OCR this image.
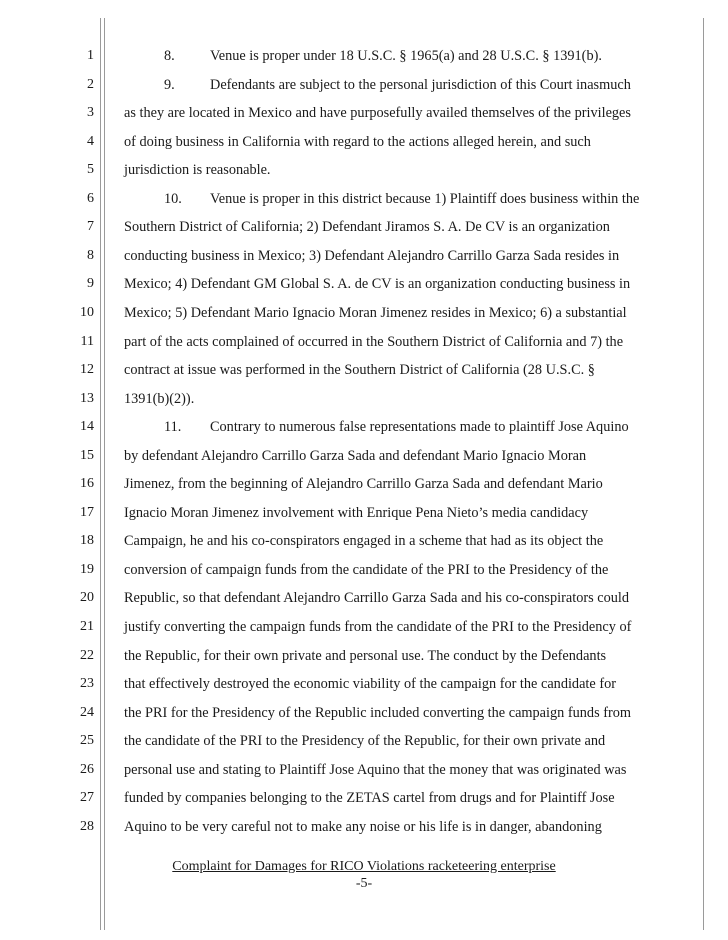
1	8. Venue is proper under 18 U.S.C. § 1965(a) and 28 U.S.C. § 1391(b).
2	9. Defendants are subject to the personal jurisdiction of this Court inasmuch
3 as they are located in Mexico and have purposefully availed themselves of the privileges
4 of doing business in California with regard to the actions alleged herein, and such
5 jurisdiction is reasonable.
6	10. Venue is proper in this district because 1) Plaintiff does business within the
7 Southern District of California; 2) Defendant Jiramos S. A. De CV is an organization
8 conducting business in Mexico; 3) Defendant Alejandro Carrillo Garza Sada resides in
9 Mexico; 4) Defendant GM Global S. A. de CV is an organization conducting business in
10 Mexico; 5) Defendant Mario Ignacio Moran Jimenez resides in Mexico; 6) a substantial
11 part of the acts complained of occurred in the Southern District of California and 7) the
12 contract at issue was performed in the Southern District of California (28 U.S.C. §
13 1391(b)(2)).
14	11. Contrary to numerous false representations made to plaintiff Jose Aquino
15 by defendant Alejandro Carrillo Garza Sada and defendant Mario Ignacio Moran
16 Jimenez, from the beginning of Alejandro Carrillo Garza Sada and defendant Mario
17 Ignacio Moran Jimenez involvement with Enrique Pena Nieto’s media candidacy
18 Campaign, he and his co-conspirators engaged in a scheme that had as its object the
19 conversion of campaign funds from the candidate of the PRI to the Presidency of the
20 Republic, so that defendant Alejandro Carrillo Garza Sada and his co-conspirators could
21 justify converting the campaign funds from the candidate of the PRI to the Presidency of
22 the Republic, for their own private and personal use. The conduct by the Defendants
23 that effectively destroyed the economic viability of the campaign for the candidate for
24 the PRI for the Presidency of the Republic included converting the campaign funds from
25 the candidate of the PRI to the Presidency of the Republic, for their own private and
26 personal use and stating to Plaintiff Jose Aquino that the money that was originated was
27 funded by companies belonging to the ZETAS cartel from drugs and for Plaintiff Jose
28 Aquino to be very careful not to make any noise or his life is in danger, abandoning
Complaint for Damages for RICO Violations racketeering enterprise
-5-
